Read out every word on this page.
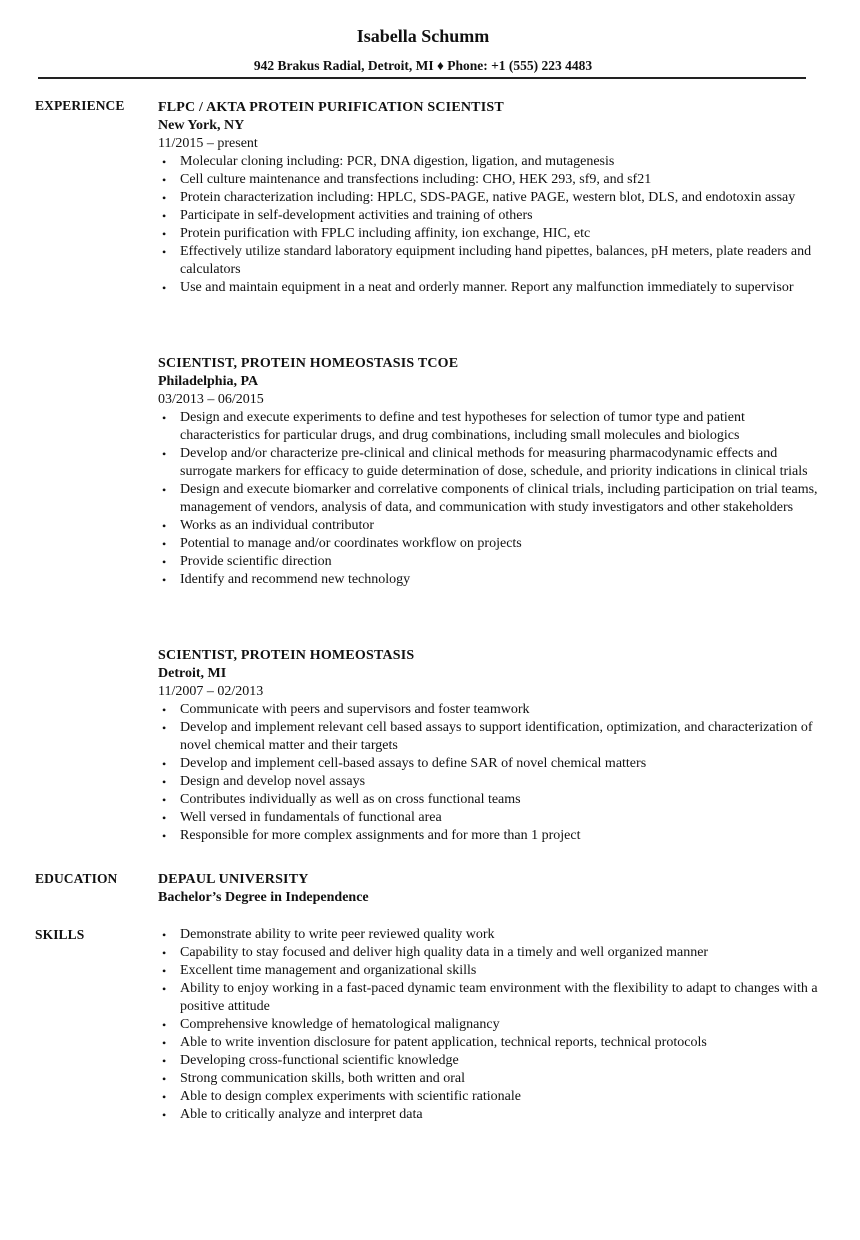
Isabella Schumm
942 Brakus Radial, Detroit, MI ♦ Phone: +1 (555) 223 4483
EXPERIENCE FLPC / AKTA PROTEIN PURIFICATION SCIENTIST
New York, NY
11/2015 – present
• Molecular cloning including: PCR, DNA digestion, ligation, and mutagenesis
• Cell culture maintenance and transfections including: CHO, HEK 293, sf9, and sf21
• Protein characterization including: HPLC, SDS-PAGE, native PAGE, western blot, DLS, and endotoxin assay
• Participate in self-development activities and training of others
• Protein purification with FPLC including affinity, ion exchange, HIC, etc
• Effectively utilize standard laboratory equipment including hand pipettes, balances, pH meters, plate readers and calculators
• Use and maintain equipment in a neat and orderly manner. Report any malfunction immediately to supervisor
SCIENTIST, PROTEIN HOMEOSTASIS TCOE
Philadelphia, PA
03/2013 – 06/2015
• Design and execute experiments to define and test hypotheses for selection of tumor type and patient characteristics for particular drugs, and drug combinations, including small molecules and biologics
• Develop and/or characterize pre-clinical and clinical methods for measuring pharmacodynamic effects and surrogate markers for efficacy to guide determination of dose, schedule, and priority indications in clinical trials
• Design and execute biomarker and correlative components of clinical trials, including participation on trial teams, management of vendors, analysis of data, and communication with study investigators and other stakeholders
• Works as an individual contributor
• Potential to manage and/or coordinates workflow on projects
• Provide scientific direction
• Identify and recommend new technology
SCIENTIST, PROTEIN HOMEOSTASIS
Detroit, MI
11/2007 – 02/2013
• Communicate with peers and supervisors and foster teamwork
• Develop and implement relevant cell based assays to support identification, optimization, and characterization of novel chemical matter and their targets
• Develop and implement cell-based assays to define SAR of novel chemical matters
• Design and develop novel assays
• Contributes individually as well as on cross functional teams
• Well versed in fundamentals of functional area
• Responsible for more complex assignments and for more than 1 project
EDUCATION	DEPAUL UNIVERSITY
Bachelor’s Degree in Independence
SKILLS	• Demonstrate ability to write peer reviewed quality work
• Capability to stay focused and deliver high quality data in a timely and well organized manner
• Excellent time management and organizational skills
• Ability to enjoy working in a fast-paced dynamic team environment with the flexibility to adapt to changes with a positive attitude
• Comprehensive knowledge of hematological malignancy
• Able to write invention disclosure for patent application, technical reports, technical protocols
• Developing cross-functional scientific knowledge
• Strong communication skills, both written and oral
• Able to design complex experiments with scientific rationale
• Able to critically analyze and interpret data
